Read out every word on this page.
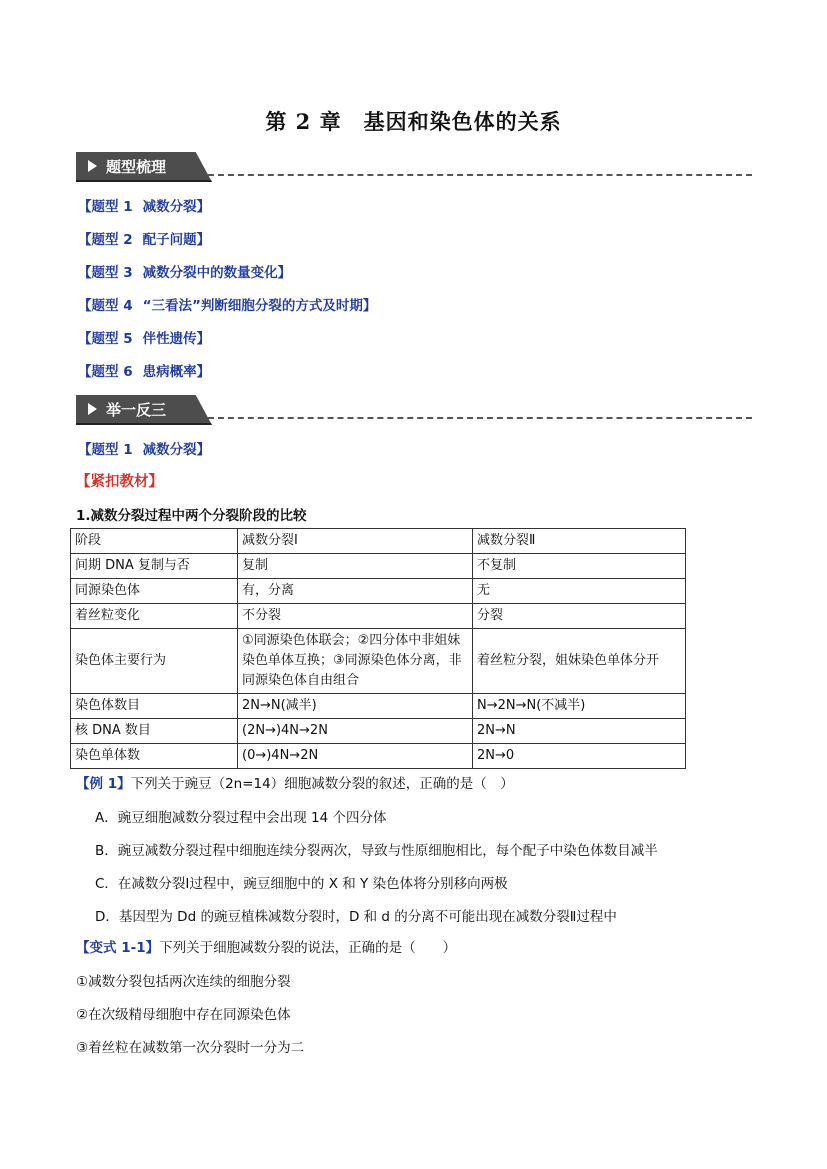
第 2 章　基因和染色体的关系
题型梳理
【题型 1 减数分裂】
【题型 2 配子问题】
【题型 3 减数分裂中的数量变化】
【题型 4 “三看法”判断细胞分裂的方式及时期】
【题型 5 伴性遗传】
【题型 6 患病概率】
举一反三
【题型 1 减数分裂】
【紧扣教材】
1.减数分裂过程中两个分裂阶段的比较
阶段	减数分裂Ⅰ	减数分裂Ⅱ
间期 DNA 复制与否	复制	不复制
同源染色体	有，分离	无
着丝粒变化	不分裂	分裂
染色体主要行为	①同源染色体联会；②四分体中非姐妹染色单体互换；③同源染色体分离，非同源染色体自由组合	着丝粒分裂，姐妹染色单体分开
染色体数目	2N→N(减半)	N→2N→N(不减半)
核 DNA 数目	(2N→)4N→2N	2N→N
染色单体数	(0→)4N→2N	2N→0
【例 1】下列关于豌豆（2n=14）细胞减数分裂的叙述，正确的是（　）
A．豌豆细胞减数分裂过程中会出现 14 个四分体
B．豌豆减数分裂过程中细胞连续分裂两次，导致与性原细胞相比，每个配子中染色体数目减半
C．在减数分裂Ⅰ过程中，豌豆细胞中的 X 和 Y 染色体将分别移向两极
D．基因型为 Dd 的豌豆植株减数分裂时，D 和 d 的分离不可能出现在减数分裂Ⅱ过程中
【变式 1-1】下列关于细胞减数分裂的说法，正确的是（　　）
①减数分裂包括两次连续的细胞分裂
②在次级精母细胞中存在同源染色体
③着丝粒在减数第一次分裂时一分为二
